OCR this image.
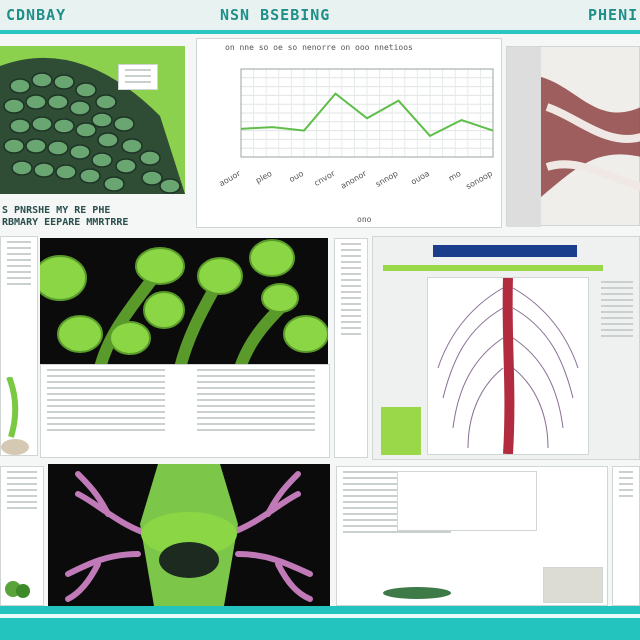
CDNBAY	NSN BSEBING	PHENI
S PNRSHE MY RE PHE
RBMARY EEPARE MMRTRRE
on nne so oe so nenorre on ooo nnetioos
aouor pleo ouo cnvor anonor snnop ouoa mo sonoop
ono
